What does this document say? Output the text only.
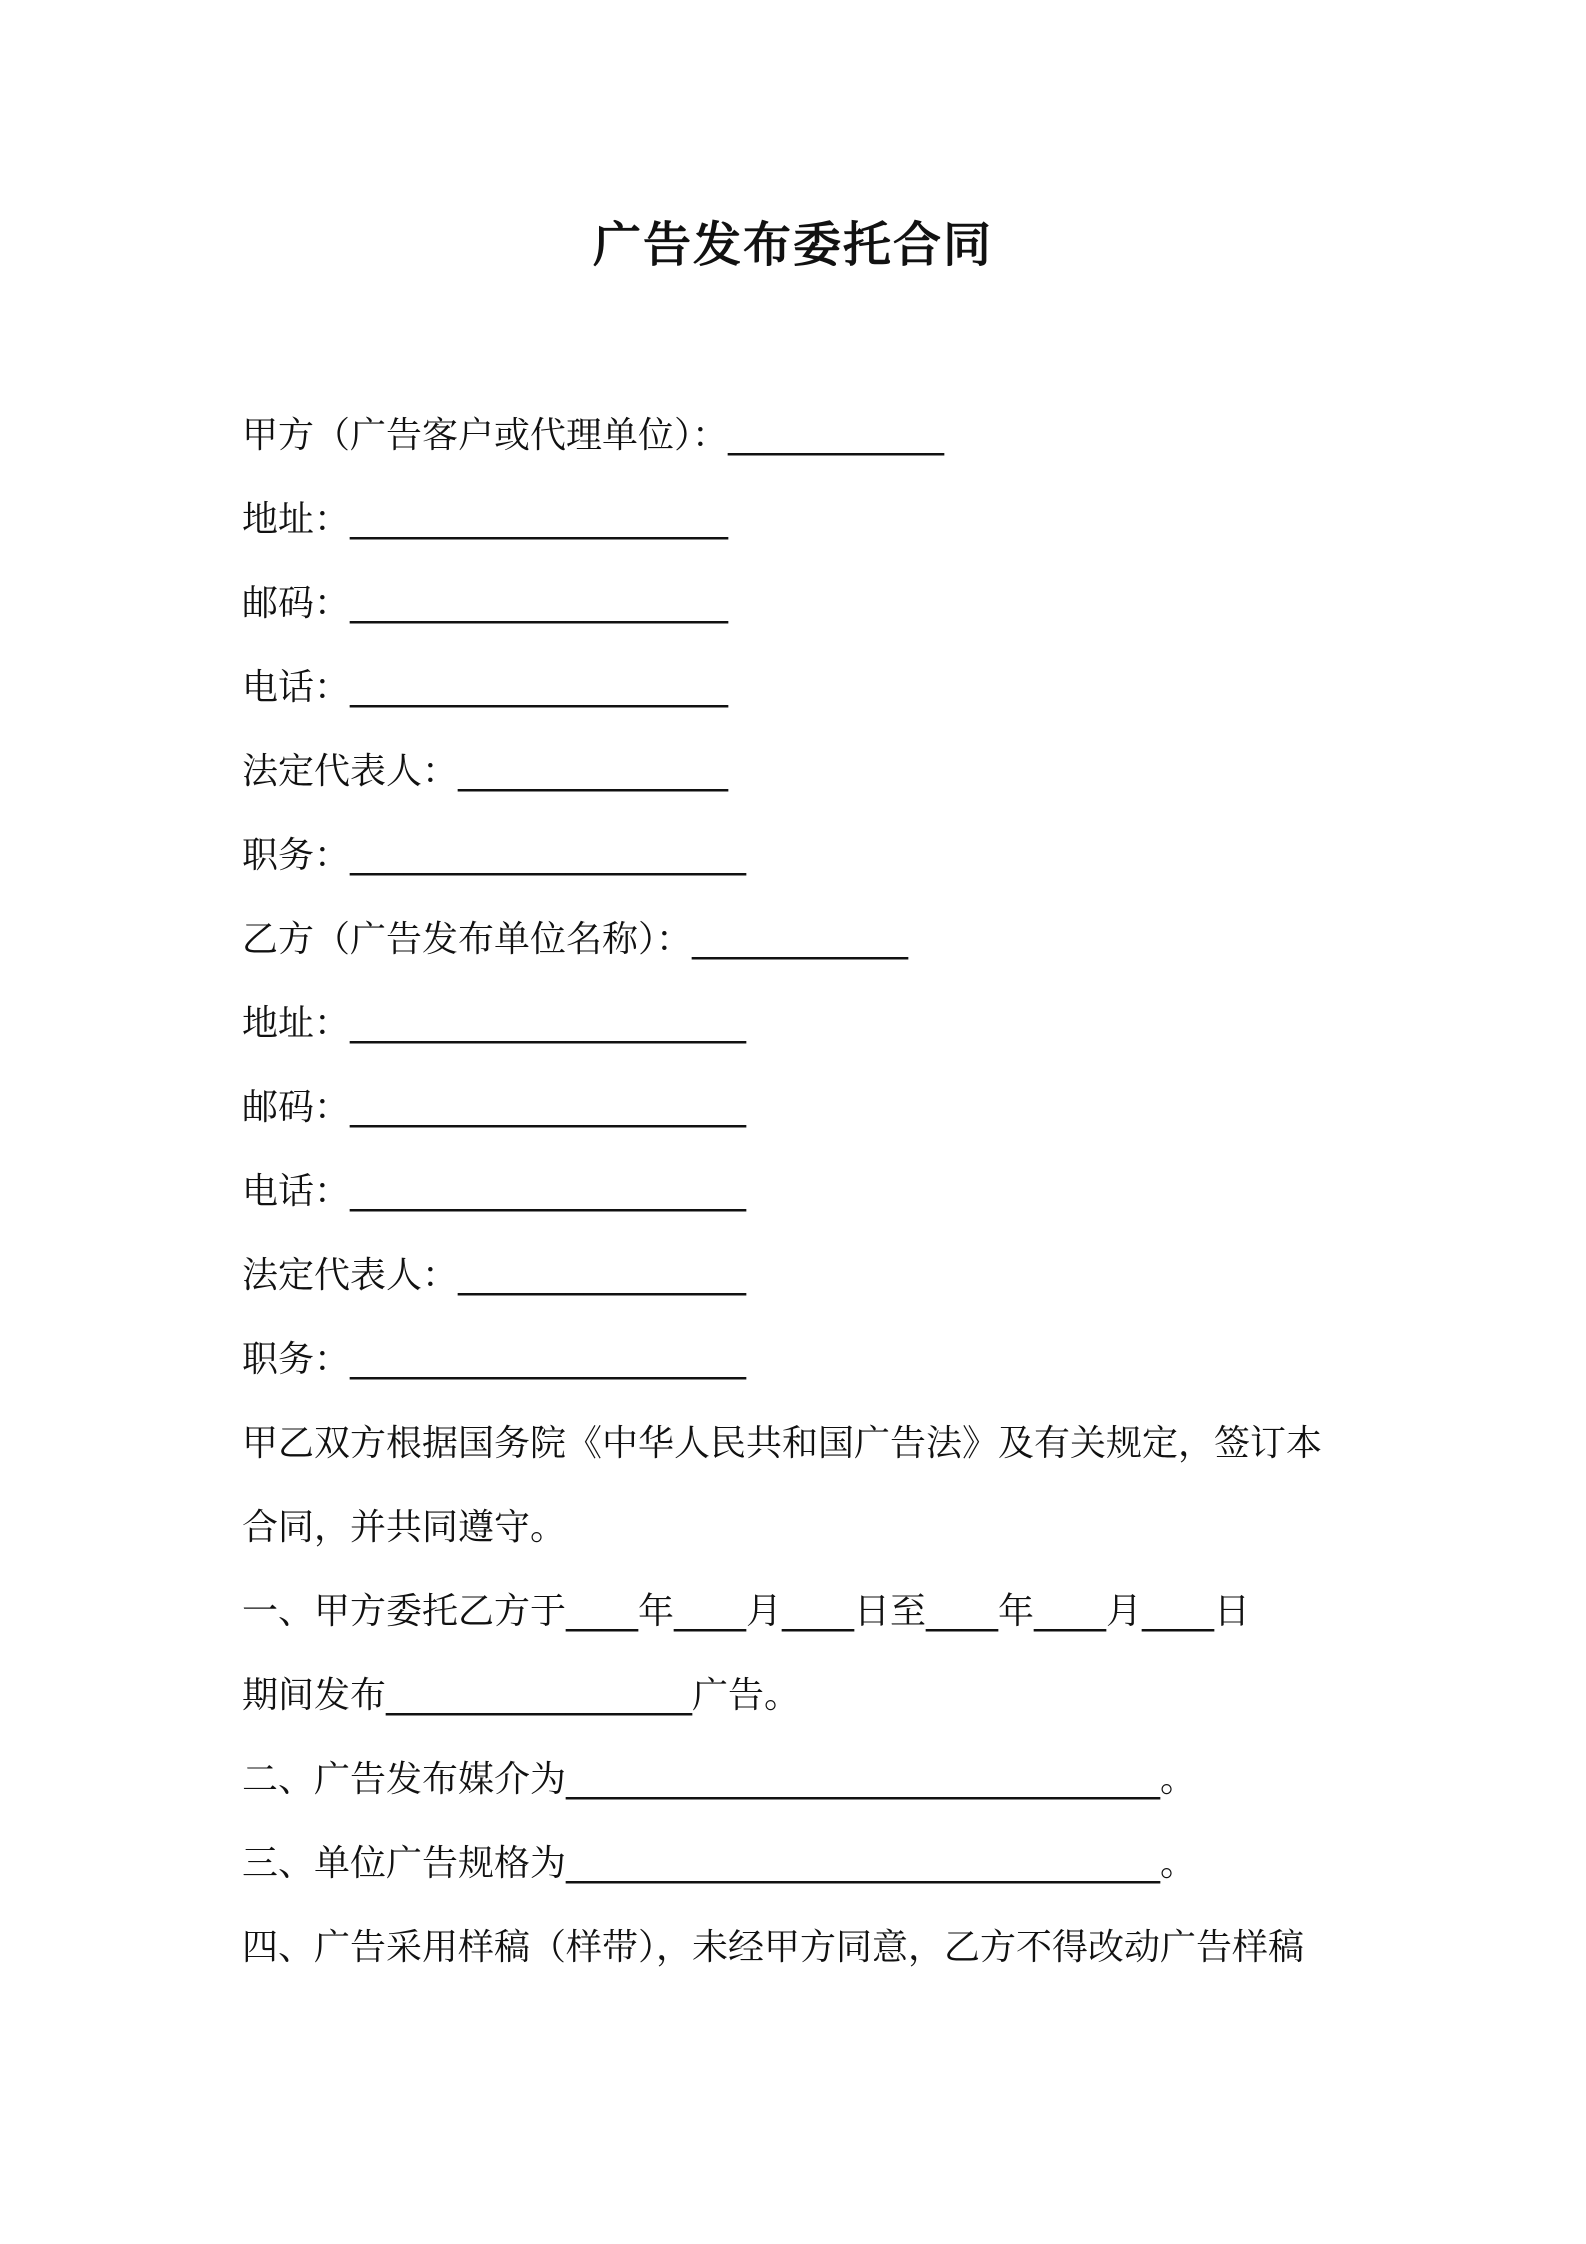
广告发布委托合同
甲方（广告客户或代理单位）：____________
地址：_____________________
邮码：_____________________
电话：_____________________
法定代表人：_______________
职务：______________________
乙方（广告发布单位名称）：____________
地址：______________________
邮码：______________________
电话：______________________
法定代表人：________________
职务：______________________
甲乙双方根据国务院《中华人民共和国广告法》及有关规定，签订本
合同，并共同遵守。
一、甲方委托乙方于____年____月____日至____年____月____日
期间发布_________________广告。
二、广告发布媒介为_________________________________。
三、单位广告规格为_________________________________。
四、广告采用样稿（样带），未经甲方同意，乙方不得改动广告样稿
